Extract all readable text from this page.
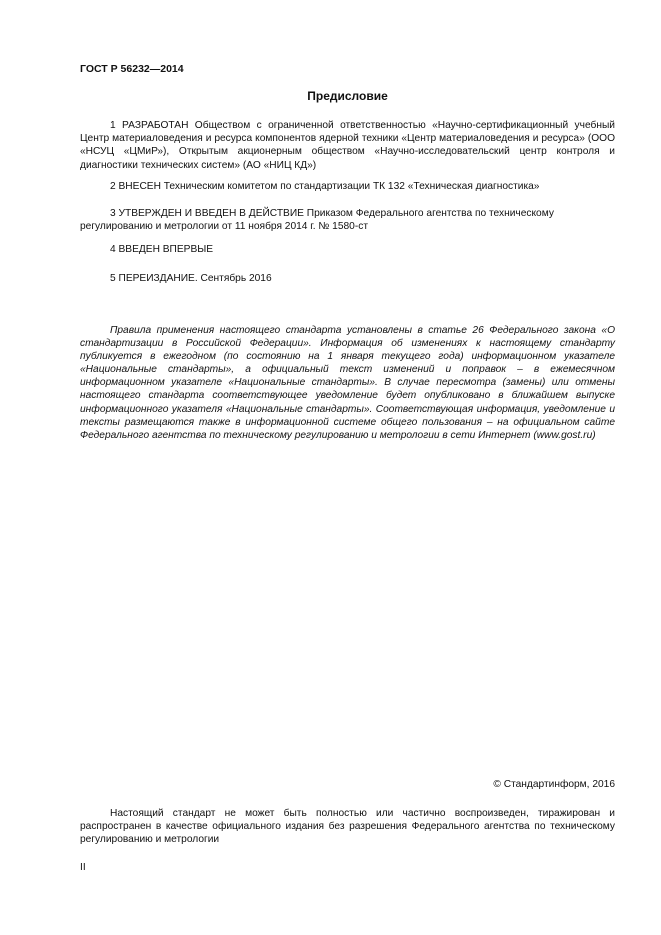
ГОСТ Р 56232—2014
Предисловие

1 РАЗРАБОТАН Обществом с ограниченной ответственностью «Научно-сертификационный учебный Центр материаловедения и ресурса компонентов ядерной техники «Центр материаловедения и ресурса» (ООО «НСУЦ «ЦМиР»), Открытым акционерным обществом «Научно-исследовательский центр контроля и диагностики технических систем» (АО «НИЦ КД»)

2 ВНЕСЕН Техническим комитетом по стандартизации ТК 132 «Техническая диагностика»

3 УТВЕРЖДЕН И ВВЕДЕН В ДЕЙСТВИЕ Приказом Федерального агентства по техническому регулированию и метрологии от 11 ноября 2014 г. № 1580-ст

4 ВВЕДЕН ВПЕРВЫЕ

5 ПЕРЕИЗДАНИЕ. Сентябрь 2016

Правила применения настоящего стандарта установлены в статье 26 Федерального закона «О стандартизации в Российской Федерации». Информация об изменениях к настоящему стандарту публикуется в ежегодном (по состоянию на 1 января текущего года) информационном указателе «Национальные стандарты», а официальный текст изменений и поправок – в ежемесячном информационном указателе «Национальные стандарты». В случае пересмотра (замены) или отмены настоящего стандарта соответствующее уведомление будет опубликовано в ближайшем выпуске информационного указателя «Национальные стандарты». Соответствующая информация, уведомление и тексты размещаются также в информационной системе общего пользования – на официальном сайте Федерального агентства по техническому регулированию и метрологии в сети Интернет (www.gost.ru)

© Стандартинформ, 2016

Настоящий стандарт не может быть полностью или частично воспроизведен, тиражирован и распространен в качестве официального издания без разрешения Федерального агентства по техническому регулированию и метрологии

II
